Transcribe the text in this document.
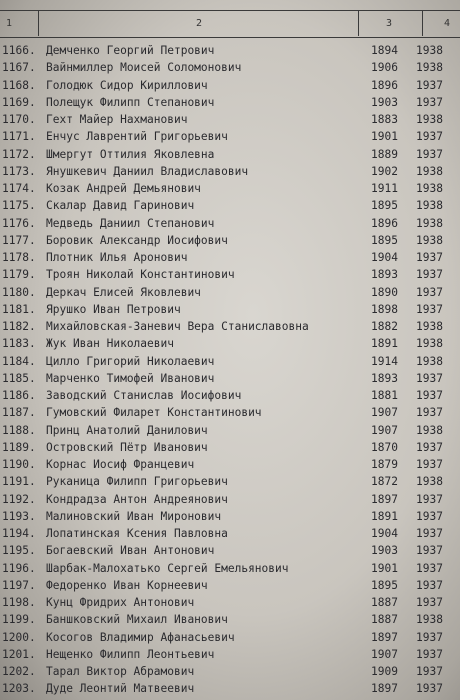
1	2	3	4
1166. Демченко Георгий Петрович	1894	1938
1167. Вайнмиллер Моисей Соломонович	1906	1938
1168. Голодюк Сидор Кириллович	1896	1937
1169. Полещук Филипп Степанович	1903	1937
1170. Гехт Майер Нахманович	1883	1938
1171. Енчус Лаврентий Григорьевич	1901	1937
1172. Шмергут Оттилия Яковлевна	1889	1937
1173. Янушкевич Даниил Владиславович	1902	1938
1174. Козак Андрей Демьянович	1911	1938
1175. Скалар Давид Гаринович	1895	1938
1176. Медведь Даниил Степанович	1896	1938
1177. Боровик Александр Иосифович	1895	1938
1178. Плотник Илья Аронович	1904	1937
1179. Троян Николай Константинович	1893	1937
1180. Деркач Елисей Яковлевич	1890	1937
1181. Ярушко Иван Петрович	1898	1937
1182. Михайловская-Заневич Вера Станиславовна	1882	1938
1183. Жук Иван Николаевич	1891	1938
1184. Цилло Григорий Николаевич	1914	1938
1185. Марченко Тимофей Иванович	1893	1937
1186. Заводский Станислав Иосифович	1881	1937
1187. Гумовский Филарет Константинович	1907	1937
1188. Принц Анатолий Данилович	1907	1938
1189. Островский Пётр Иванович	1870	1937
1190. Корнас Иосиф Францевич	1879	1937
1191. Руканица Филипп Григорьевич	1872	1938
1192. Кондрадза Антон Андреянович	1897	1937
1193. Малиновский Иван Миронович	1891	1937
1194. Лопатинская Ксения Павловна	1904	1937
1195. Богаевский Иван Антонович	1903	1937
1196. Шарбак-Малохатько Сергей Емельянович	1901	1937
1197. Федоренко Иван Корнеевич	1895	1937
1198. Кунц Фридрих Антонович	1887	1937
1199. Баншковский Михаил Иванович	1887	1938
1200. Косогов Владимир Афанасьевич	1897	1937
1201. Нещенко Филипп Леонтьевич	1907	1937
1202. Тарал Виктор Абрамович	1909	1937
1203. Дуде Леонтий Матвеевич	1897	1937
